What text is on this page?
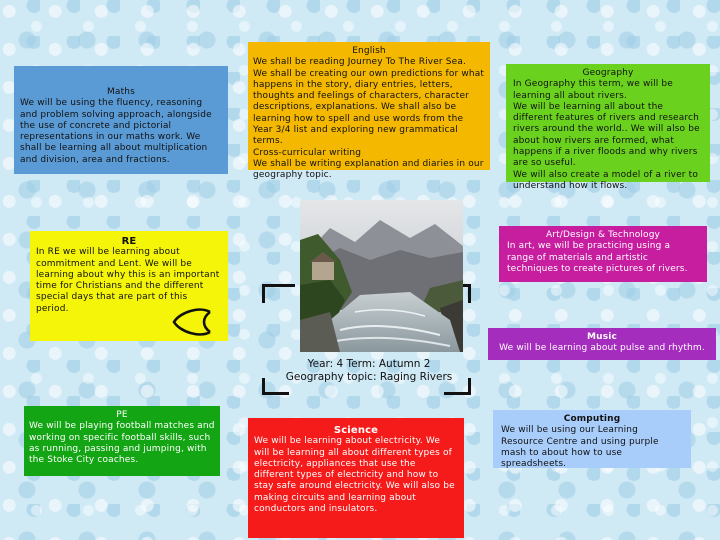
Maths
We will be using the fluency, reasoning and problem solving approach, alongside the use of concrete and pictorial representations in our maths work. We shall be learning all about multiplication and division, area and fractions.
English
We shall be reading Journey To The River Sea.
We shall be creating our own predictions for what happens in the story, diary entries, letters, thoughts and feelings of characters, character descriptions, explanations. We shall also be learning how to spell and use words from the Year 3/4 list and exploring new grammatical terms.
Cross-curricular writing
We shall be writing explanation and diaries in our geography topic.
Geography
In Geography this term, we will be learning all about rivers.
We will be learning all about the different features of rivers and research rivers around the world.. We will also be about how rivers are formed, what happens if a river floods and why rivers are so useful.
We will also create a model of a river to understand how it flows.
Art/Design & Technology
In art, we will be practicing using a range of materials and artistic techniques to create pictures of rivers.
RE
In RE we will be learning about commitment and Lent. We will be learning about why this is an important time for Christians and the different special days that are part of this period.
Year: 4 Term: Autumn 2
Geography topic: Raging Rivers
Music
We will be learning about pulse and rhythm.
PE
We will be playing football matches and working on specific football skills, such as running, passing and jumping, with the Stoke City coaches.
Science
We will be learning about electricity. We will be learning all about different types of electricity, appliances that use the different types of electricity and how to stay safe around electricity. We will also be making circuits and learning about conductors and insulators.
Computing
We will be using our Learning Resource Centre and using purple mash to about how to use spreadsheets.
